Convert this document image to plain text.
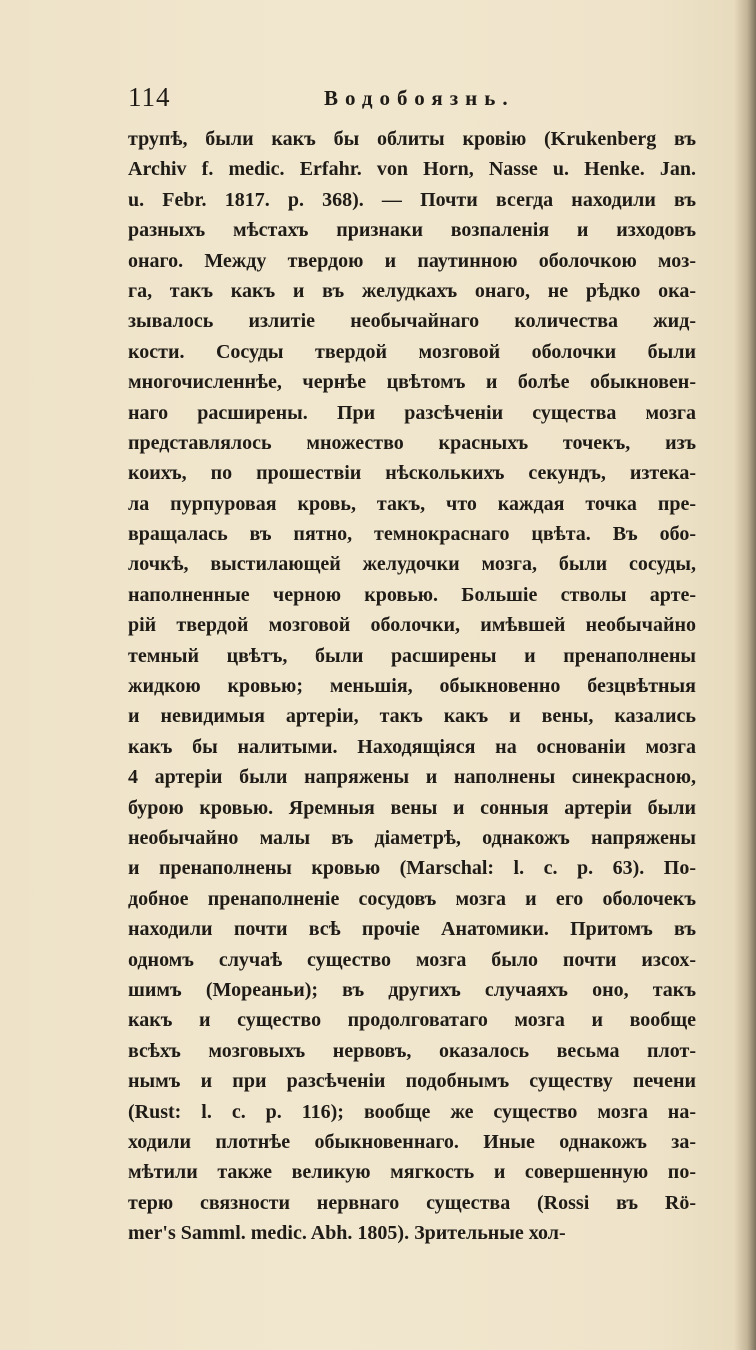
114	Водобоязнь.
трупѣ, были какъ бы облиты кровію (Krukenberg въ
Archiv f. medic. Erfahr. von Horn, Nasse u. Henke. Jan.
u. Febr. 1817. p. 368). — Почти всегда находили въ
разныхъ мѣстахъ признаки возпаленія и изходовъ
онаго. Между твердою и паутинною оболочкою моз-
га, такъ какъ и въ желудкахъ онаго, не рѣдко ока-
зывалось излитіе необычайнаго количества жид-
кости. Сосуды твердой мозговой оболочки были
многочисленнѣе, чернѣе цвѣтомъ и болѣе обыкновен-
наго расширены. При разсѣченіи существа мозга
представлялось множество красныхъ точекъ, изъ
коихъ, по прошествіи нѣсколькихъ секундъ, изтека-
ла пурпуровая кровь, такъ, что каждая точка пре-
вращалась въ пятно, темнокраснаго цвѣта. Въ обо-
лочкѣ, выстилающей желудочки мозга, были сосуды,
наполненные черною кровью. Большіе стволы арте-
рій твердой мозговой оболочки, имѣвшей необычайно
темный цвѣтъ, были расширены и пренаполнены
жидкою кровью; меньшія, обыкновенно безцвѣтныя
и невидимыя артеріи, такъ какъ и вены, казались
какъ бы налитыми. Находящіяся на основаніи мозга
4 артеріи были напряжены и наполнены синекрасною,
бурою кровью. Яремныя вены и сонныя артеріи были
необычайно малы въ діаметрѣ, однакожъ напряжены
и пренаполнены кровью (Marschal: l. c. p. 63). По-
добное пренаполненіе сосудовъ мозга и его оболочекъ
находили почти всѣ прочіе Анатомики. Притомъ въ
одномъ случаѣ существо мозга было почти изсох-
шимъ (Мореаньи); въ другихъ случаяхъ оно, такъ
какъ и существо продолговатаго мозга и вообще
всѣхъ мозговыхъ нервовъ, оказалось весьма плот-
нымъ и при разсѣченіи подобнымъ существу печени
(Rust: l. c. p. 116); вообще же существо мозга на-
ходили плотнѣе обыкновеннаго. Иные однакожъ за-
мѣтили также великую мягкость и совершенную по-
терю связности нервнаго существа (Rossi въ Rö-
mer's Samml. medic. Abh. 1805). Зрительные хол-
